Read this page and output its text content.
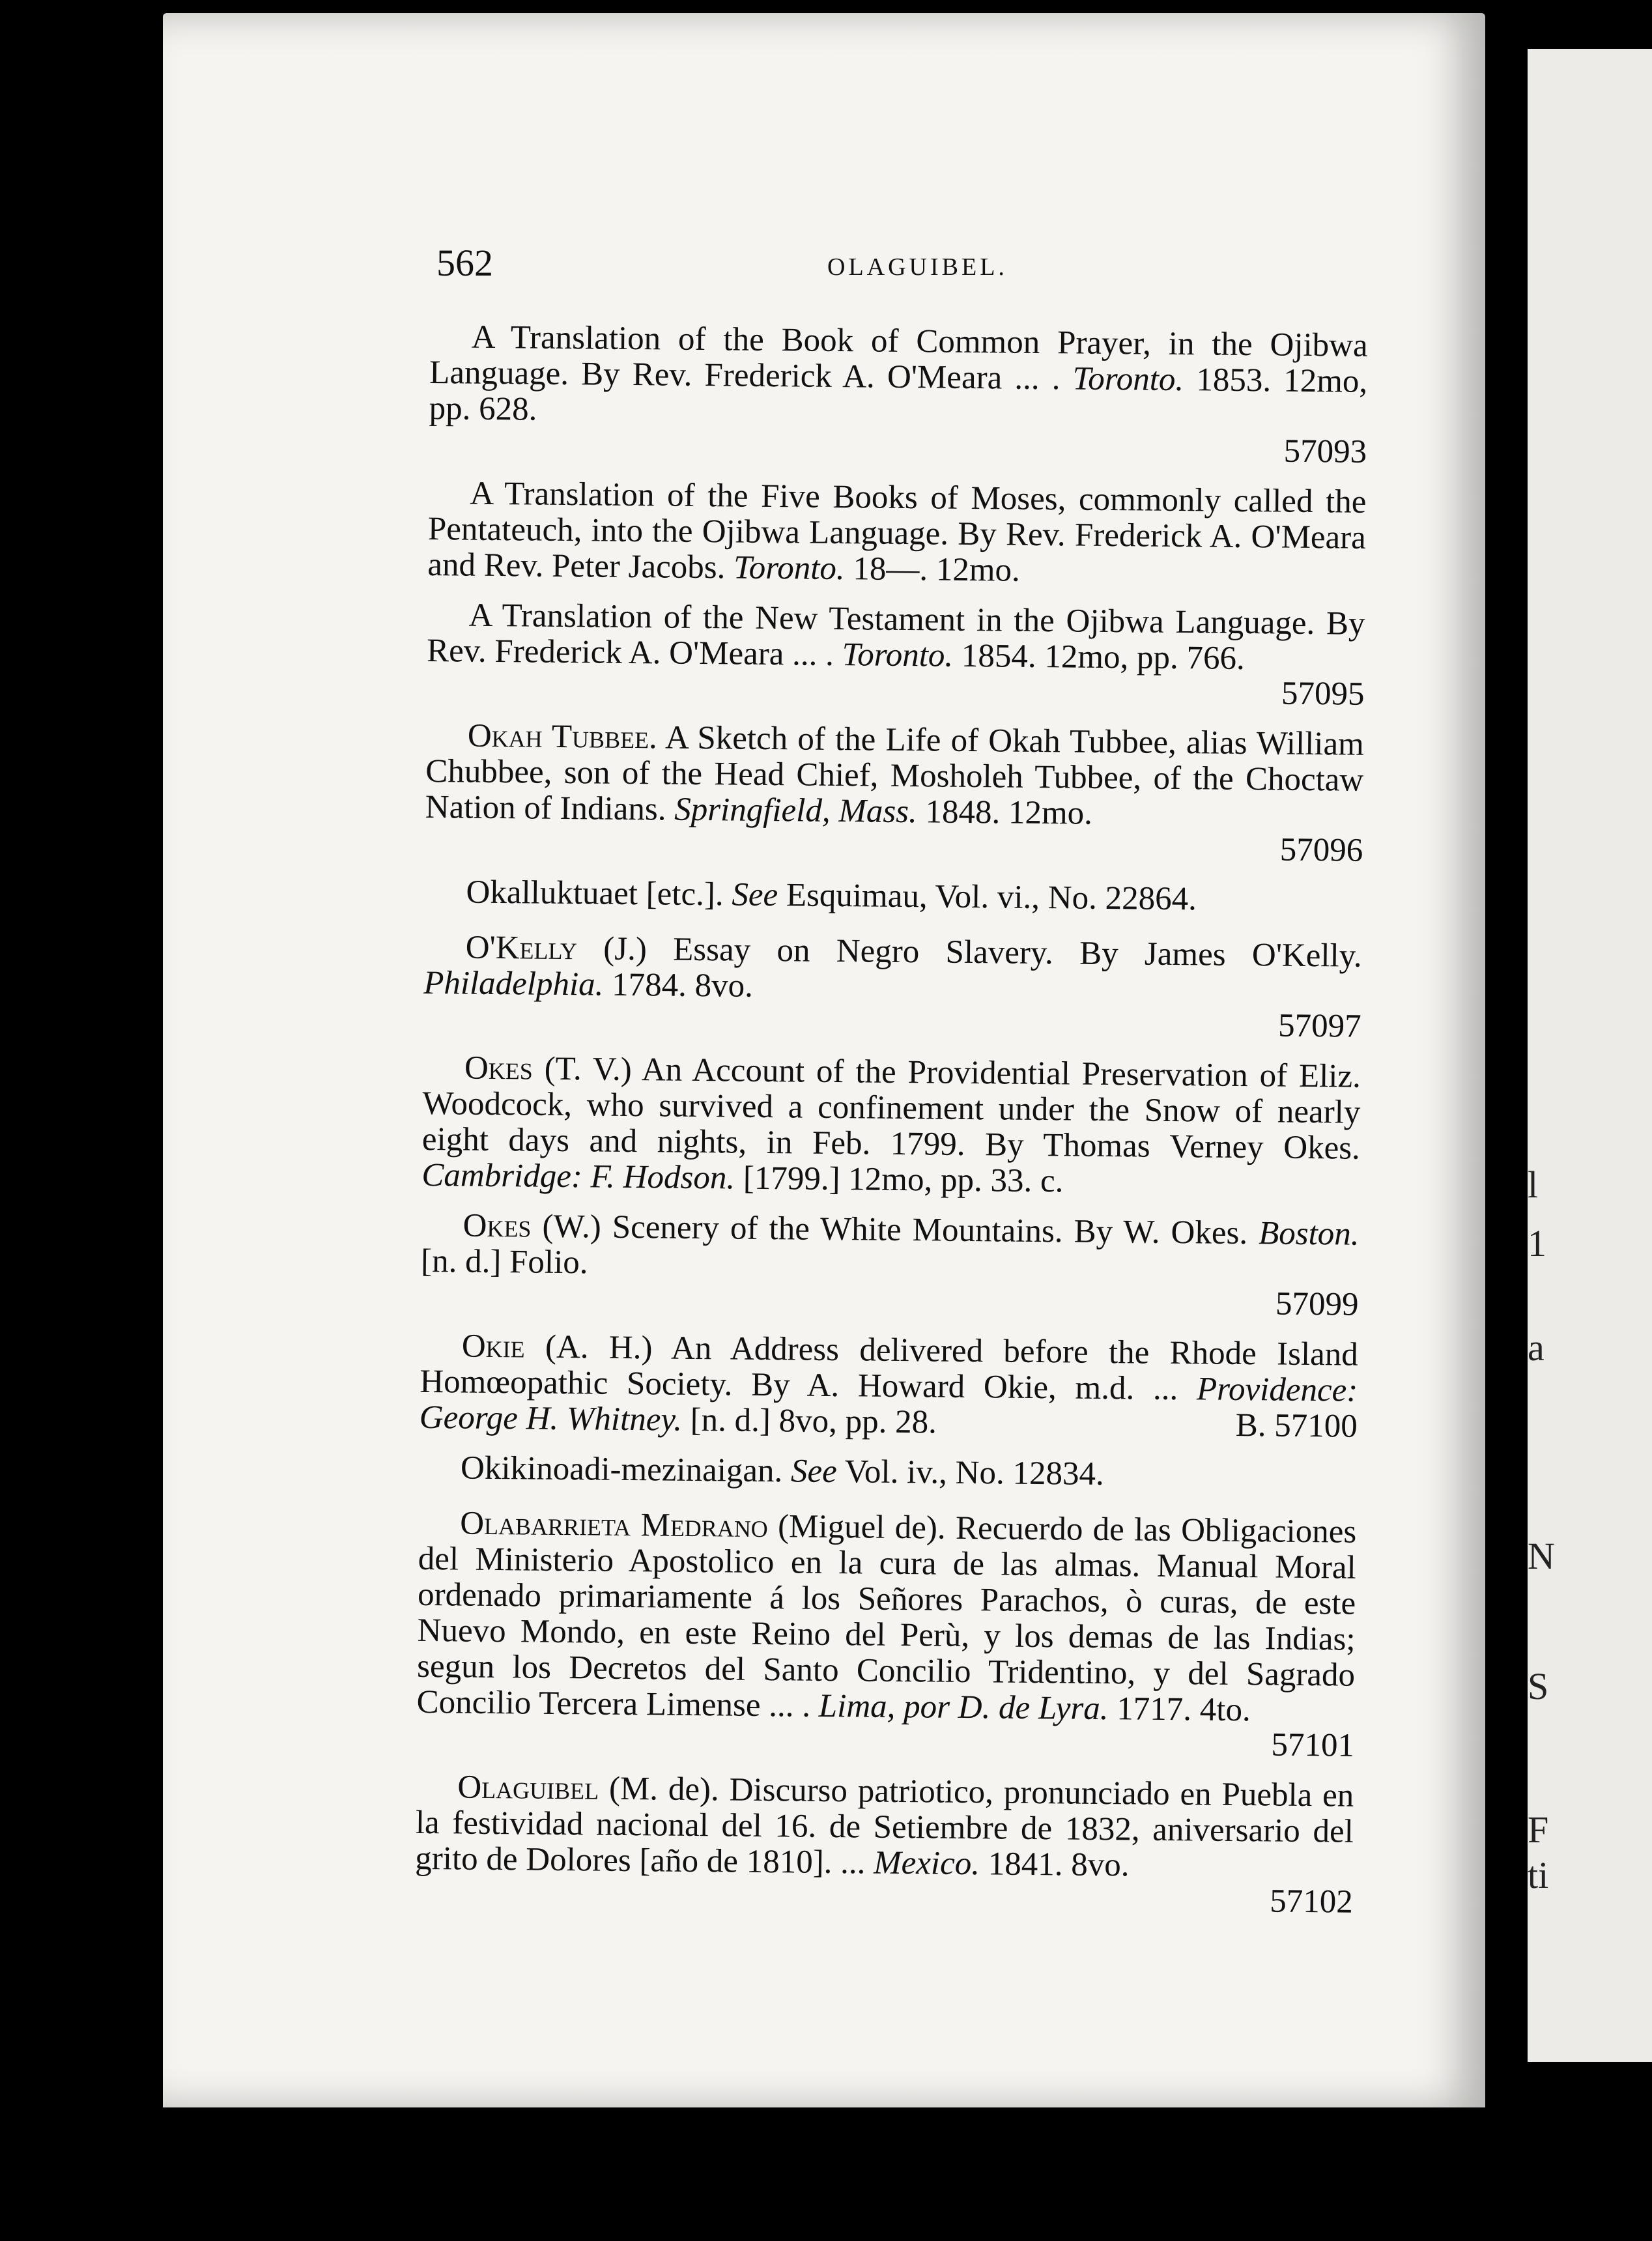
l
1
a
N
S
F
ti
562	OLAGUIBEL.

A Translation of the Book of Common Prayer, in the Ojibwa Language. By Rev. Frederick A. O'Meara ... . Toronto. 1853. 12mo, pp. 628.
57093

A Translation of the Five Books of Moses, commonly called the Pentateuch, into the Ojibwa Language. By Rev. Frederick A. O'Meara and Rev. Peter Jacobs. Toronto. 18—. 12mo.

A Translation of the New Testament in the Ojibwa Language. By Rev. Frederick A. O'Meara ... . Toronto. 1854. 12mo, pp. 766.
57095

Okah Tubbee. A Sketch of the Life of Okah Tubbee, alias William Chubbee, son of the Head Chief, Mosholeh Tubbee, of the Choctaw Nation of Indians. Springfield, Mass. 1848. 12mo.
57096

Okalluktuaet [etc.]. See Esquimau, Vol. vi., No. 22864.

O'Kelly (J.) Essay on Negro Slavery. By James O'Kelly. Philadelphia. 1784. 8vo.
57097

Okes (T. V.) An Account of the Providential Preservation of Eliz. Woodcock, who survived a confinement under the Snow of nearly eight days and nights, in Feb. 1799. By Thomas Verney Okes. Cambridge: F. Hodson. [1799.] 12mo, pp. 33. c.

Okes (W.) Scenery of the White Mountains. By W. Okes. Boston. [n. d.] Folio.
57099

Okie (A. H.) An Address delivered before the Rhode Island Homœopathic Society. By A. Howard Okie, m.d. ... Providence: George H. Whitney. [n. d.] 8vo, pp. 28.	B. 57100

Okikinoadi-mezinaigan. See Vol. iv., No. 12834.

Olabarrieta Medrano (Miguel de). Recuerdo de las Obligaciones del Ministerio Apostolico en la cura de las almas. Manual Moral ordenado primariamente á los Señores Parachos, ò curas, de este Nuevo Mondo, en este Reino del Perù, y los demas de las Indias; segun los Decretos del Santo Concilio Tridentino, y del Sagrado Concilio Tercera Limense ... . Lima, por D. de Lyra. 1717. 4to.
57101

Olaguibel (M. de). Discurso patriotico, pronunciado en Puebla en la festividad nacional del 16. de Setiembre de 1832, aniversario del grito de Dolores [año de 1810]. ... Mexico. 1841. 8vo.
57102
